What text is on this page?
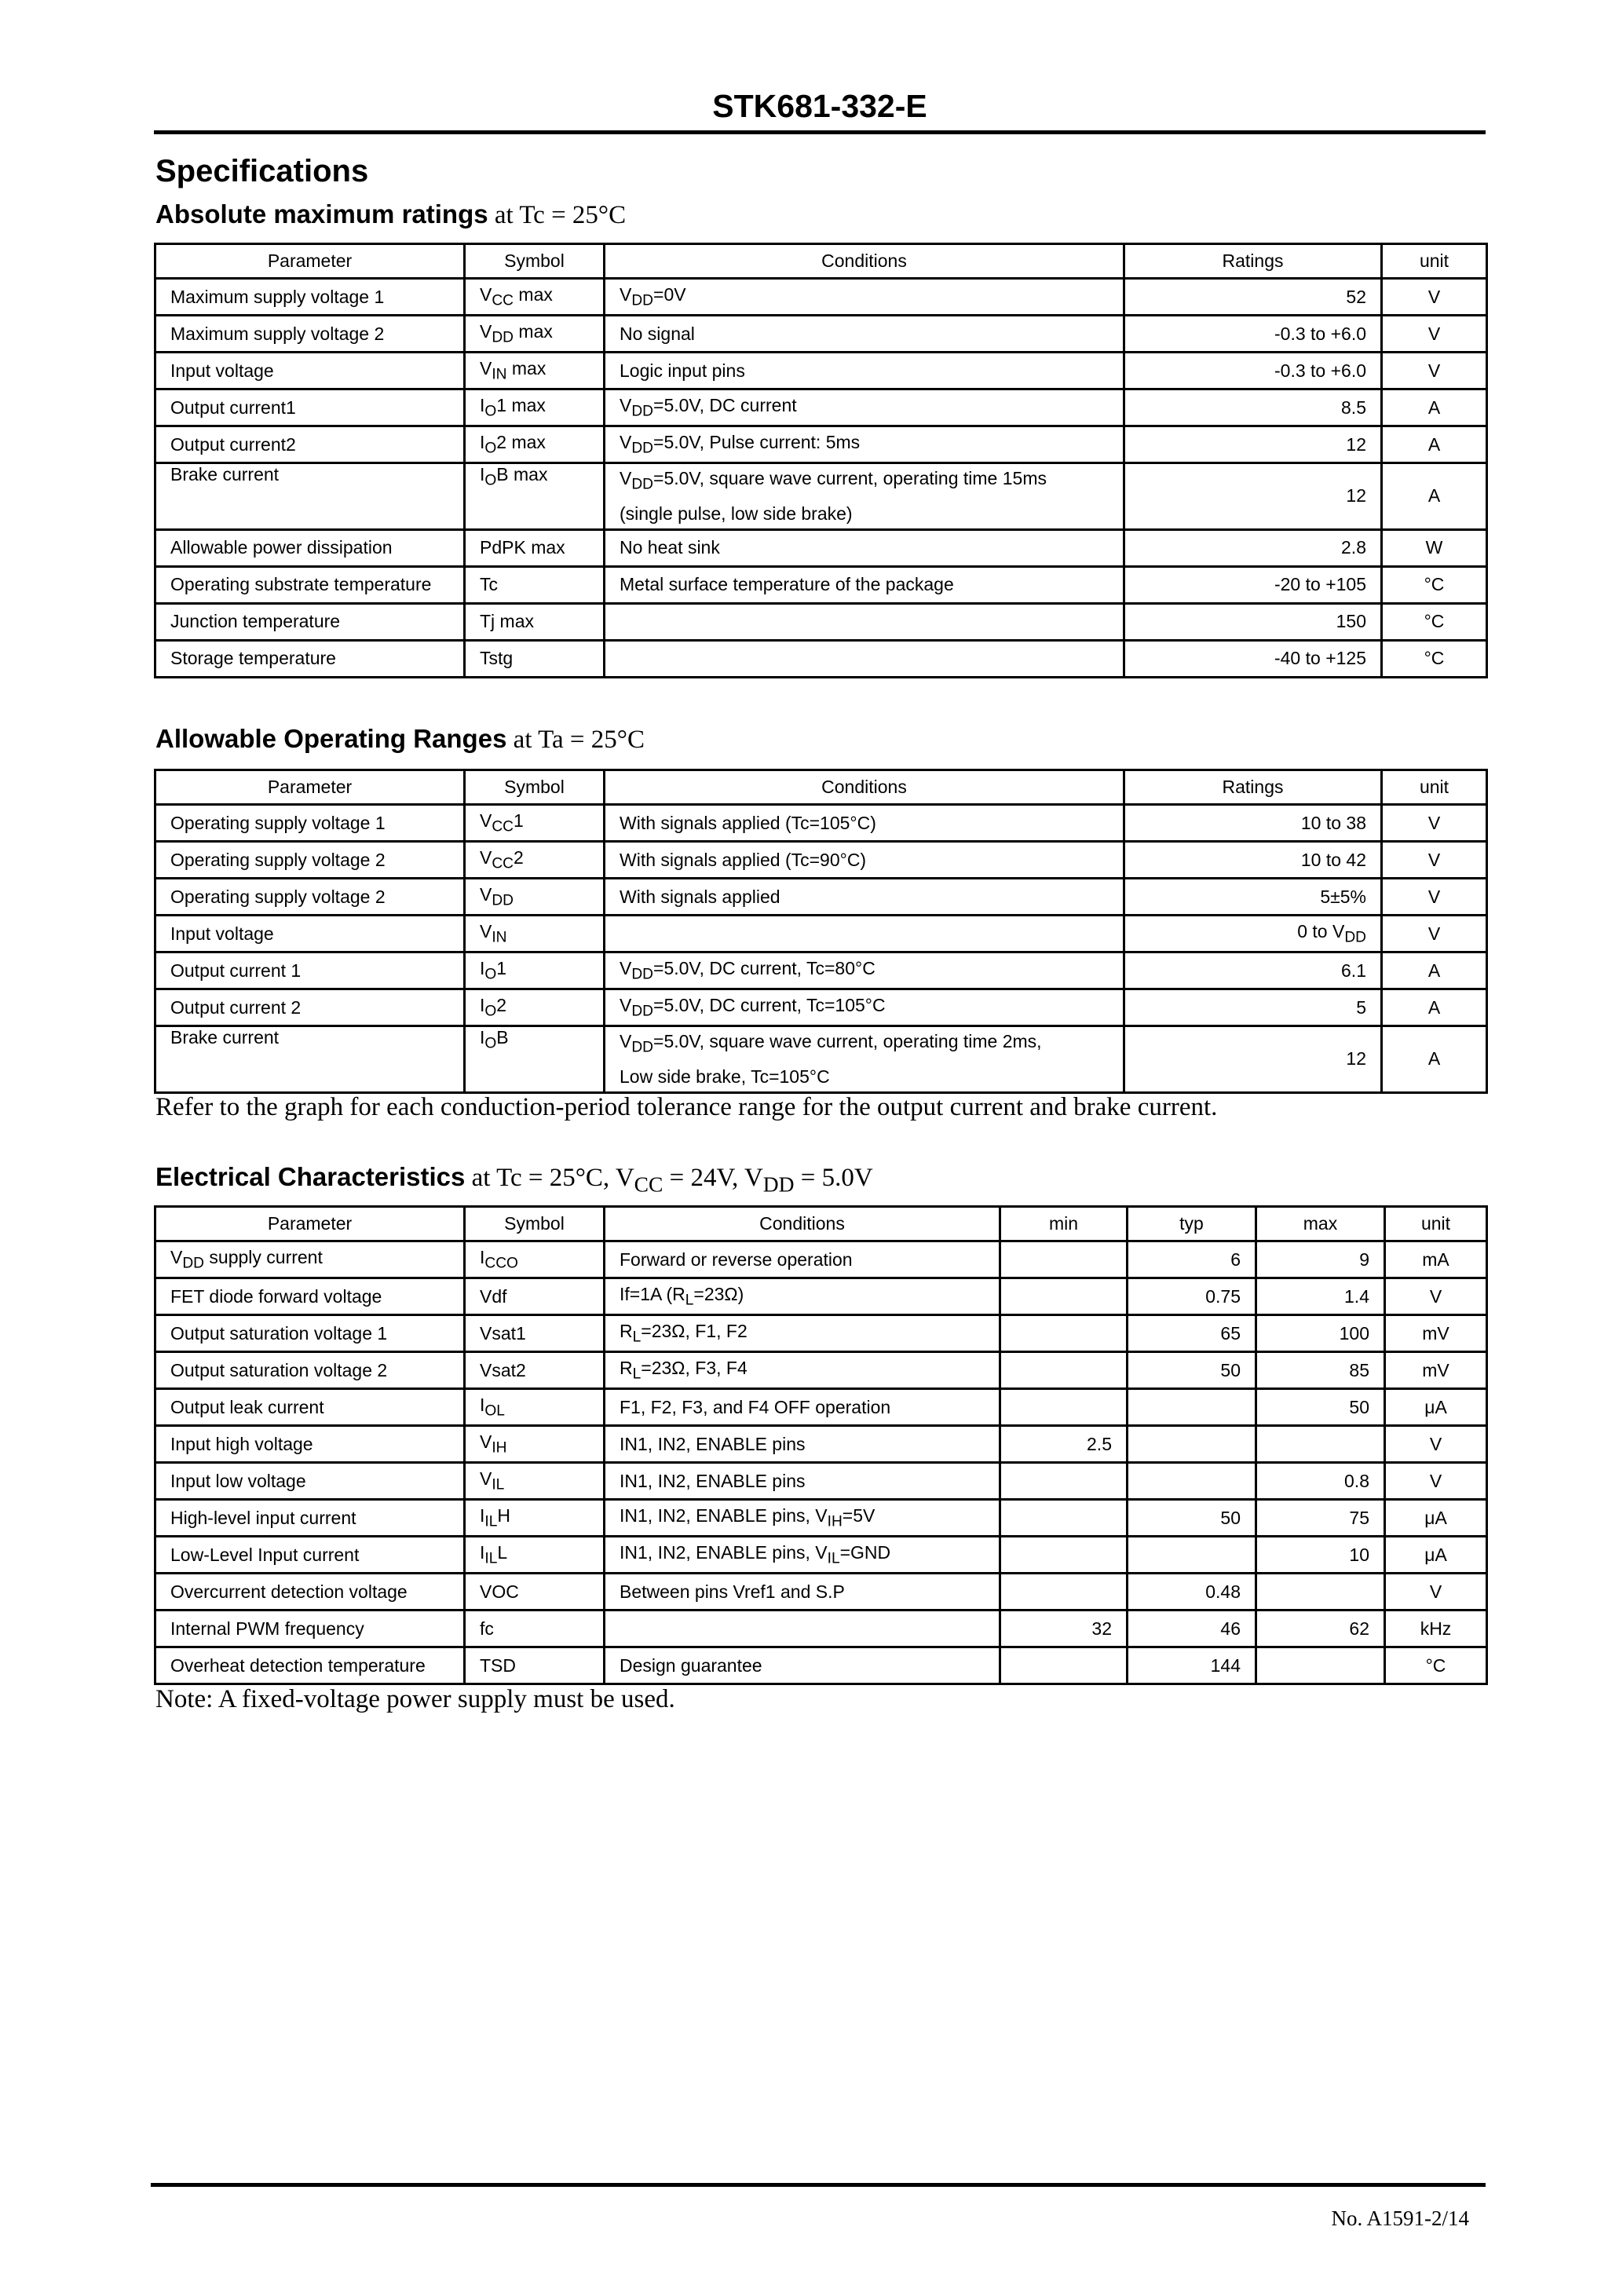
STK681-332-E
Specifications
Absolute maximum ratings at Tc = 25°C
Parameter	Symbol	Conditions	Ratings	unit
Maximum supply voltage 1	$V_{CC}$ max	$V_{DD}=0V$	52	V
Maximum supply voltage 2	$V_{DD}$ max	No signal	-0.3 to +6.0	V
Input voltage	$V_{IN}$ max	Logic input pins	-0.3 to +6.0	V
Output current1	$I_O1$ max	$V_{DD}=5.0V$, DC current	8.5	A
Output current2	$I_O2$ max	$V_{DD}=5.0V$, Pulse current: 5ms	12	A
Brake current	$I_OB$ max	$V_{DD}=5.0V$, square wave current, operating time 15ms
(single pulse, low side brake)	12	A
Allowable power dissipation	PdPK max	No heat sink	2.8	W
Operating substrate temperature	Tc	Metal surface temperature of the package	-20 to +105	°C
Junction temperature	Tj max		150	°C
Storage temperature	Tstg		-40 to +125	°C
Allowable Operating Ranges at Ta = 25°C
Parameter	Symbol	Conditions	Ratings	unit
Operating supply voltage 1	$V_{CC}1$	With signals applied (Tc=105°C)	10 to 38	V
Operating supply voltage 2	$V_{CC}2$	With signals applied (Tc=90°C)	10 to 42	V
Operating supply voltage 2	$V_{DD}$	With signals applied	5±5%	V
Input voltage	$V_{IN}$		0 to $V_{DD}$	V
Output current 1	$I_O1$	$V_{DD}=5.0V$, DC current, Tc=80°C	6.1	A
Output current 2	$I_O2$	$V_{DD}=5.0V$, DC current, Tc=105°C	5	A
Brake current	$I_OB$	$V_{DD}=5.0V$, square wave current, operating time 2ms,
Low side brake, Tc=105°C	12	A

Refer to the graph for each conduction-period tolerance range for the output current and brake current.

Electrical Characteristics at Tc = 25°C, $V_{CC} = 24V$, $V_{DD} = 5.0V$
Parameter	Symbol	Conditions	min	typ	max	unit
$V_{DD}$ supply current	$I_{CCO}$	Forward or reverse operation		6	9	mA
FET diode forward voltage	Vdf	If=1A $(R_L=23\Omega)$		0.75	1.4	V
Output saturation voltage 1	Vsat1	$R_L=23\Omega$, F1, F2		65	100	mV
Output saturation voltage 2	Vsat2	$R_L=23\Omega$, F3, F4		50	85	mV
Output leak current	$I_{OL}$	F1, F2, F3, and F4 OFF operation			50	μA
Input high voltage	$V_{IH}$	IN1, IN2, ENABLE pins	2.5			V
Input low voltage	$V_{IL}$	IN1, IN2, ENABLE pins			0.8	V
High-level input current	$I_{IL}H$	IN1, IN2, ENABLE pins, $V_{IH}=5V$		50	75	μA
Low-Level Input current	$I_{IL}L$	IN1, IN2, ENABLE pins, $V_{IL}=GND$			10	μA
Overcurrent detection voltage	VOC	Between pins Vref1 and S.P		0.48		V
Internal PWM frequency	fc		32	46	62	kHz
Overheat detection temperature	TSD	Design guarantee		144		°C

Note: A fixed-voltage power supply must be used.

No. A1591-2/14
